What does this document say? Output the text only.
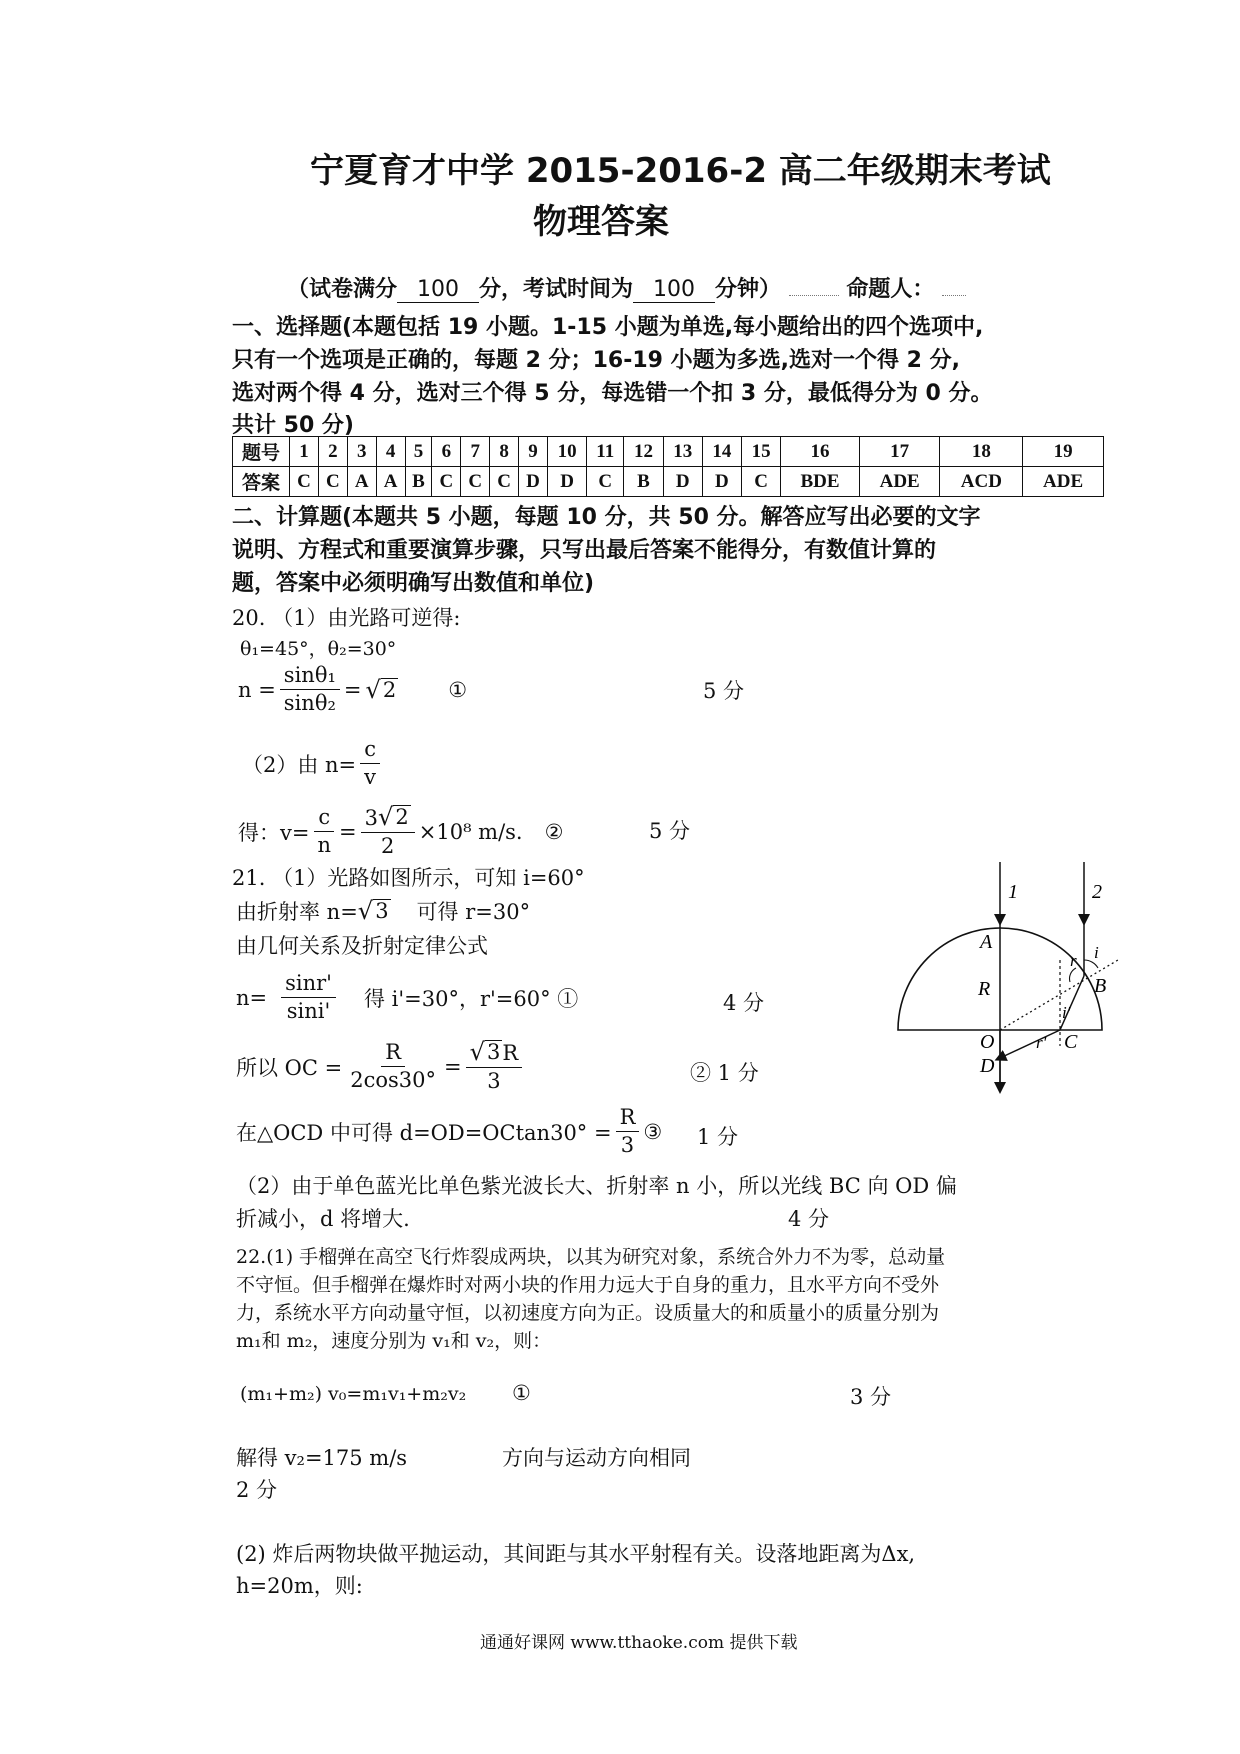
宁夏育才中学 2015-2016-2 高二年级期末考试
物理答案
（试卷满分 100 分，考试时间为 100 分钟）	命题人：
一、选择题(本题包括 19 小题。1-15 小题为单选,每小题给出的四个选项中,
只有一个选项是正确的，每题 2 分；16-19 小题为多选,选对一个得 2 分,
选对两个得 4 分，选对三个得 5 分，每选错一个扣 3 分，最低得分为 0 分。
共计 50 分)
题号	1	2	3	4	5	6	7	8	9	10	11	12	13	14	15	16	17	18	19
答案	C	C	A	A	B	C	C	C	D	D	C	B	D	D	C	BDE	ADE	ACD	ADE
二、计算题(本题共 5 小题，每题 10 分，共 50 分。解答应写出必要的文字
说明、方程式和重要演算步骤，只写出最后答案不能得分，有数值计算的
题，答案中必须明确写出数值和单位)
20. （1）由光路可逆得:
θ₁=45°，θ₂=30°
$n = \frac{\text{sinθ₁}}{\text{sinθ₂}}$ = √ 2 ①	5 分
（2）由 $n= \frac{c}{v}$
得：$v= \frac{c}{n} = \frac{3 √ 2}{2} \times 10^8$ m/s. ②	5 分
21. （1）光路如图所示，可知 i=60°
由折射率 n= √ 3 可得 r=30°
由几何关系及折射定律公式
$n= \frac{\sin r'}{\sin i'}$ 得 i'=30°，r'=60° ①	4 分
所以 OC = $\frac{R}{2\cos 30^\circ} = \frac{√ 3 R}{3}$	② 1 分
在△OCD 中可得 $d=OD=OCtan30^\circ = \frac{R}{3}$ ③ 1 分
（2）由于单色蓝光比单色紫光波长大、折射率 n 小，所以光线 BC 向 OD 偏
折减小，d 将增大.	4 分
1	2
A
R	B
O	C
D
i
r
i'
r'
22.(1) 手榴弹在高空飞行炸裂成两块，以其为研究对象，系统合外力不为零，总动量
不守恒。但手榴弹在爆炸时对两小块的作用力远大于自身的重力，且水平方向不受外
力，系统水平方向动量守恒，以初速度方向为正。设质量大的和质量小的质量分别为
m₁和 m₂，速度分别为 v₁和 v₂，则：
(m₁+m₂) v₀=m₁v₁+m₂v₂ ①	3 分
解得 v₂=175 m/s	方向与运动方向相同
2 分
(2) 炸后两物块做平抛运动，其间距与其水平射程有关。设落地距离为Δx,
h=20m，则:
通通好课网 www.tthaoke.com 提供下载
